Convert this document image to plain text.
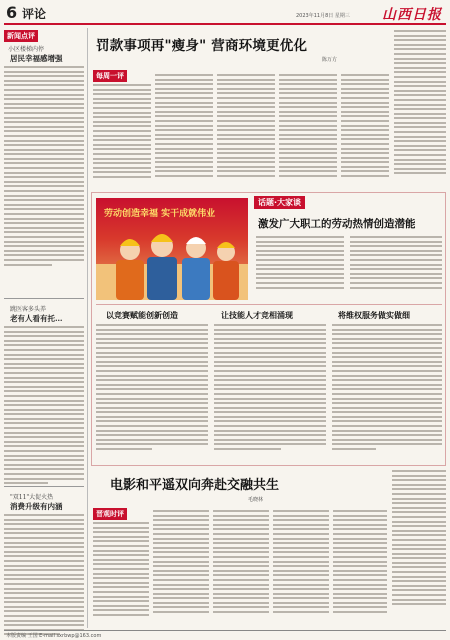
6 评论	2023年11月8日 星期三 山西日报
新闻点评
小区楼梯内停
居民幸福感增强
跳医客多头养
老有人看有托…
"双11"大促火热
消费升级有内涵
罚款事项再"瘦身" 营商环境更优化
陈万方
每周一评
劳动创造幸福 实干成就伟业
话题·大家谈
激发广大职工的劳动热情创造潜能
以竞赛赋能创新创造	让技能人才竞相涌现	将维权服务做实做细
电影和平遥双向奔赴交融共生
毛晓林
晋观时评
本版责编 王国 E-mail sxrbwp@163.com
